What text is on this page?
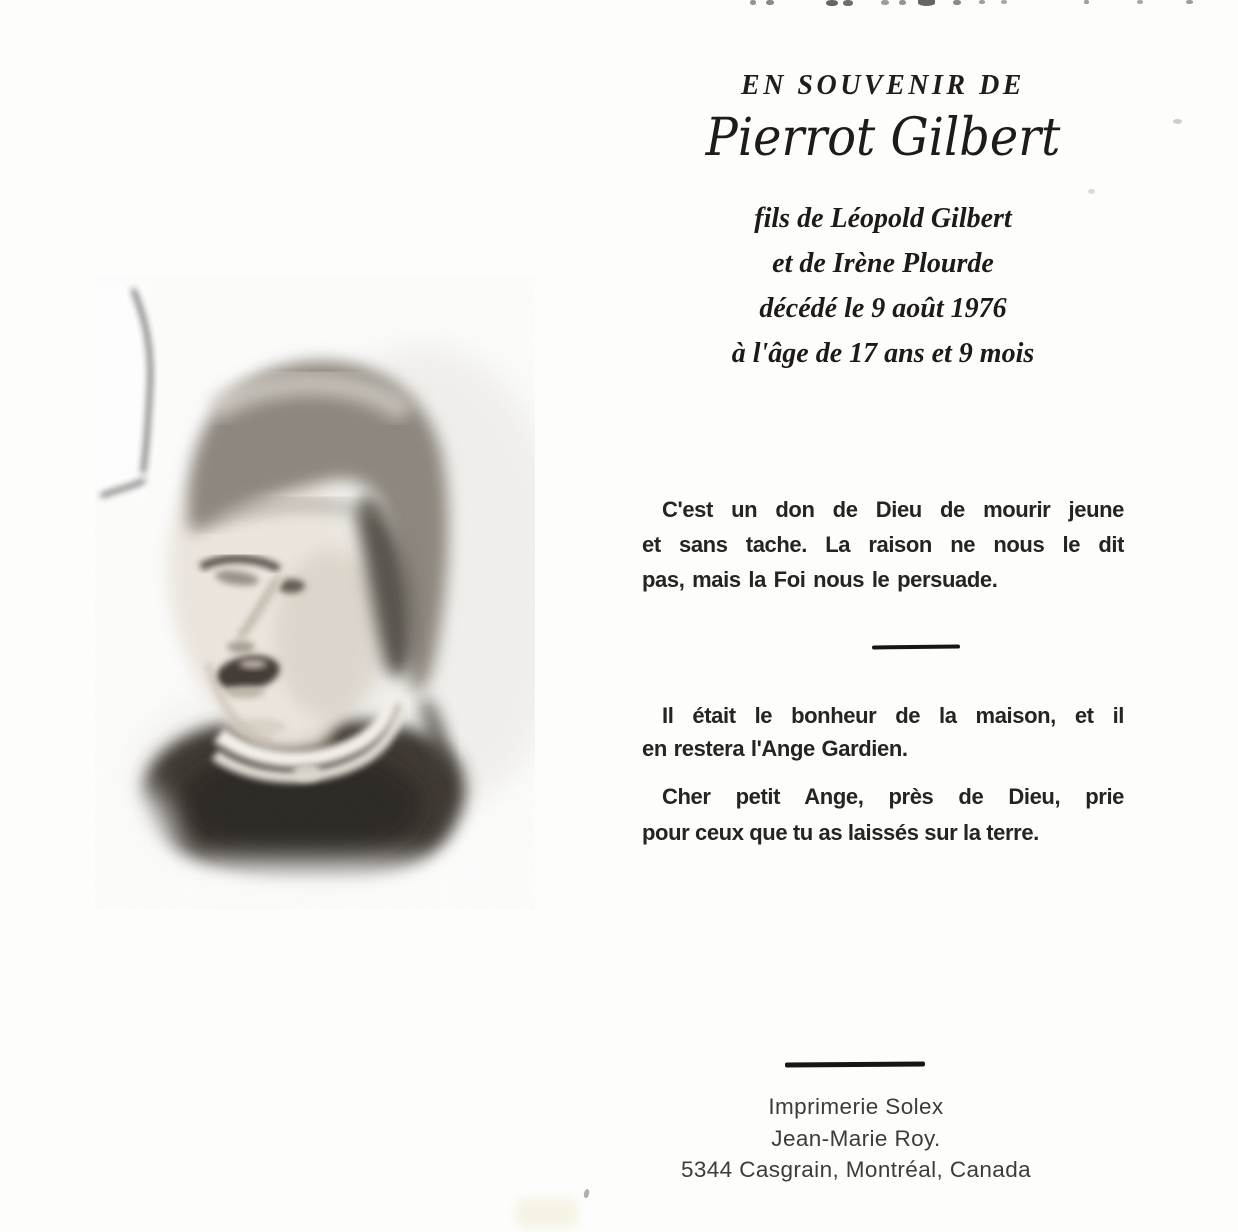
EN SOUVENIR DE
Pierrot Gilbert
fils de Léopold Gilbert
et de Irène Plourde
décédé le 9 août 1976
à l'âge de 17 ans et 9 mois
C'est un don de Dieu de mourir jeune
et sans tache. La raison ne nous le dit
pas, mais la Foi nous le persuade.
Il était le bonheur de la maison, et il
en restera l'Ange Gardien.
Cher petit Ange, près de Dieu, prie
pour ceux que tu as laissés sur la terre.
Imprimerie Solex
Jean-Marie Roy.
5344 Casgrain, Montréal, Canada
